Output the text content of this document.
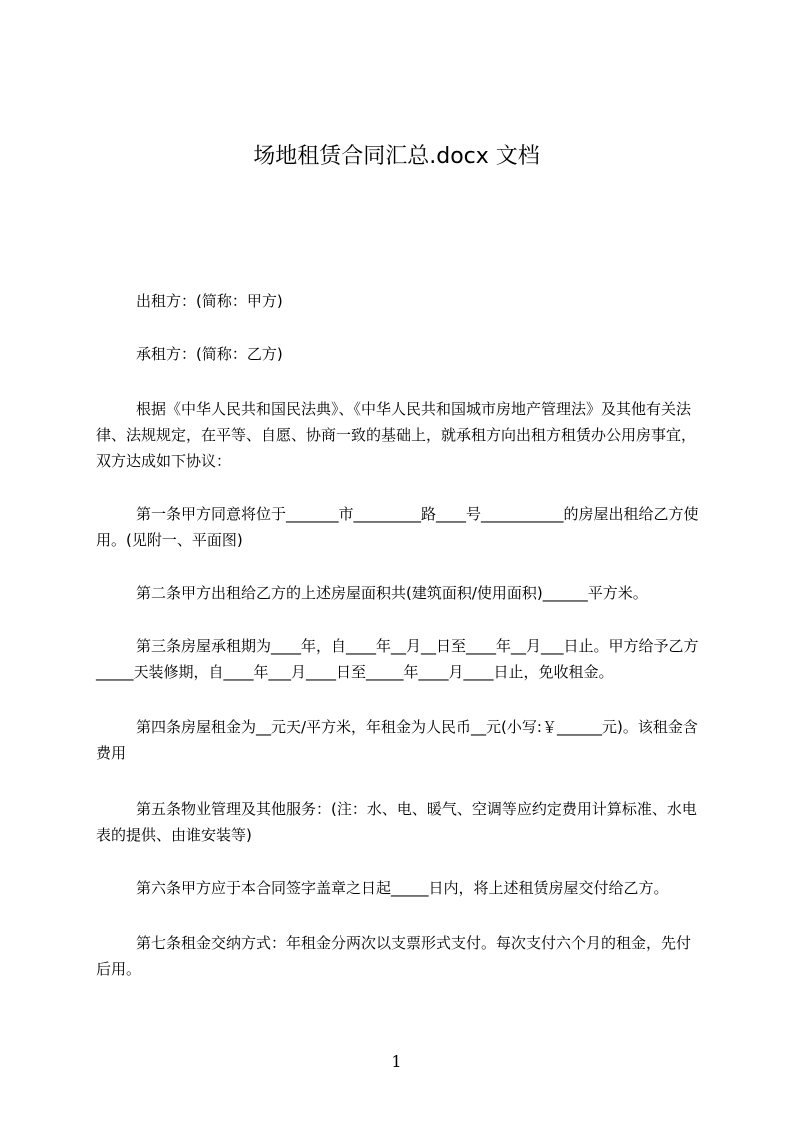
场地租赁合同汇总.docx 文档

出租方：(简称：甲方)

承租方：(简称：乙方)

根据《中华人民共和国民法典》、《中华人民共和国城市房地产管理法》及其他有关法律、法规规定，在平等、自愿、协商一致的基础上，就承租方向出租方租赁办公用房事宜，双方达成如下协议：

第一条甲方同意将位于_______市_________路____号___________的房屋出租给乙方使用。(见附一、平面图)

第二条甲方出租给乙方的上述房屋面积共(建筑面积/使用面积)______平方米。

第三条房屋承租期为____年，自____年__月__日至____年__月___日止。甲方给予乙方_____天装修期，自____年___月____日至_____年____月____日止，免收租金。

第四条房屋租金为__元天/平方米，年租金为人民币__元(小写:￥______元)。该租金含费用

第五条物业管理及其他服务：(注：水、电、暖气、空调等应约定费用计算标准、水电表的提供、由谁安装等)

第六条甲方应于本合同签字盖章之日起_____日内，将上述租赁房屋交付给乙方。

第七条租金交纳方式：年租金分两次以支票形式支付。每次支付六个月的租金，先付后用。

1
